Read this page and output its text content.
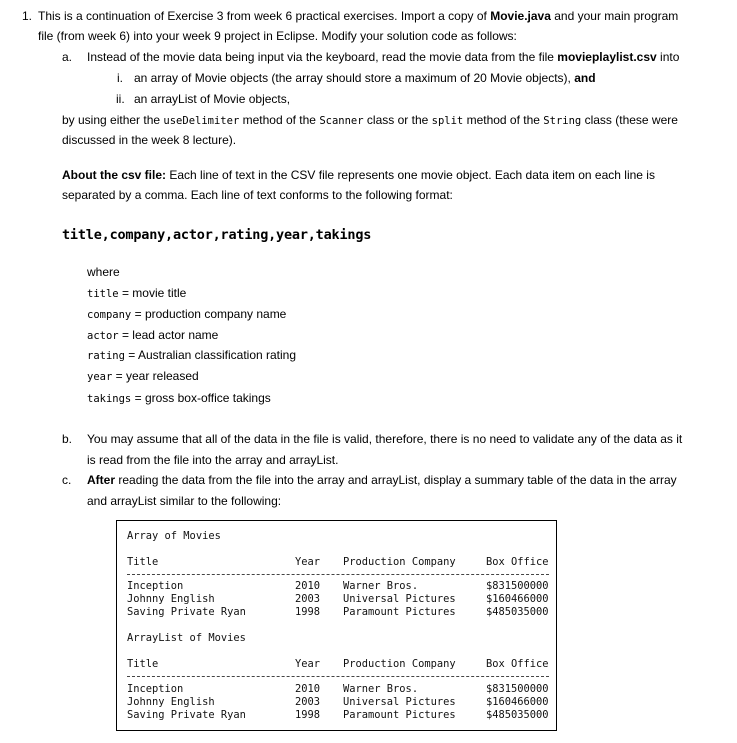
1. This is a continuation of Exercise 3 from week 6 practical exercises. Import a copy of Movie.java and your main program
file (from week 6) into your week 9 project in Eclipse. Modify your solution code as follows:
a. Instead of the movie data being input via the keyboard, read the movie data from the file movieplaylist.csv into
i. an array of Movie objects (the array should store a maximum of 20 Movie objects), and
ii. an arrayList of Movie objects,
by using either the useDelimiter method of the Scanner class or the split method of the String class (these were
discussed in the week 8 lecture).
About the csv file: Each line of text in the CSV file represents one movie object. Each data item on each line is
separated by a comma. Each line of text conforms to the following format:
title,company,actor,rating,year,takings
where
title = movie title
company = production company name
actor = lead actor name
rating = Australian classification rating
year = year released
takings = gross box-office takings
b. You may assume that all of the data in the file is valid, therefore, there is no need to validate any of the data as it
is read from the file into the array and arrayList.
c. After reading the data from the file into the array and arrayList, display a summary table of the data in the array
and arrayList similar to the following:
Array of Movies
Title	Year Production Company	Box Office
Inception	2010 Warner Bros.	$831500000
Johnny English	2003 Universal Pictures	$160466000
Saving Private Ryan	1998 Paramount Pictures	$485035000
ArrayList of Movies
Title	Year Production Company	Box Office
Inception	2010 Warner Bros.	$831500000
Johnny English	2003 Universal Pictures	$160466000
Saving Private Ryan	1998 Paramount Pictures	$485035000
